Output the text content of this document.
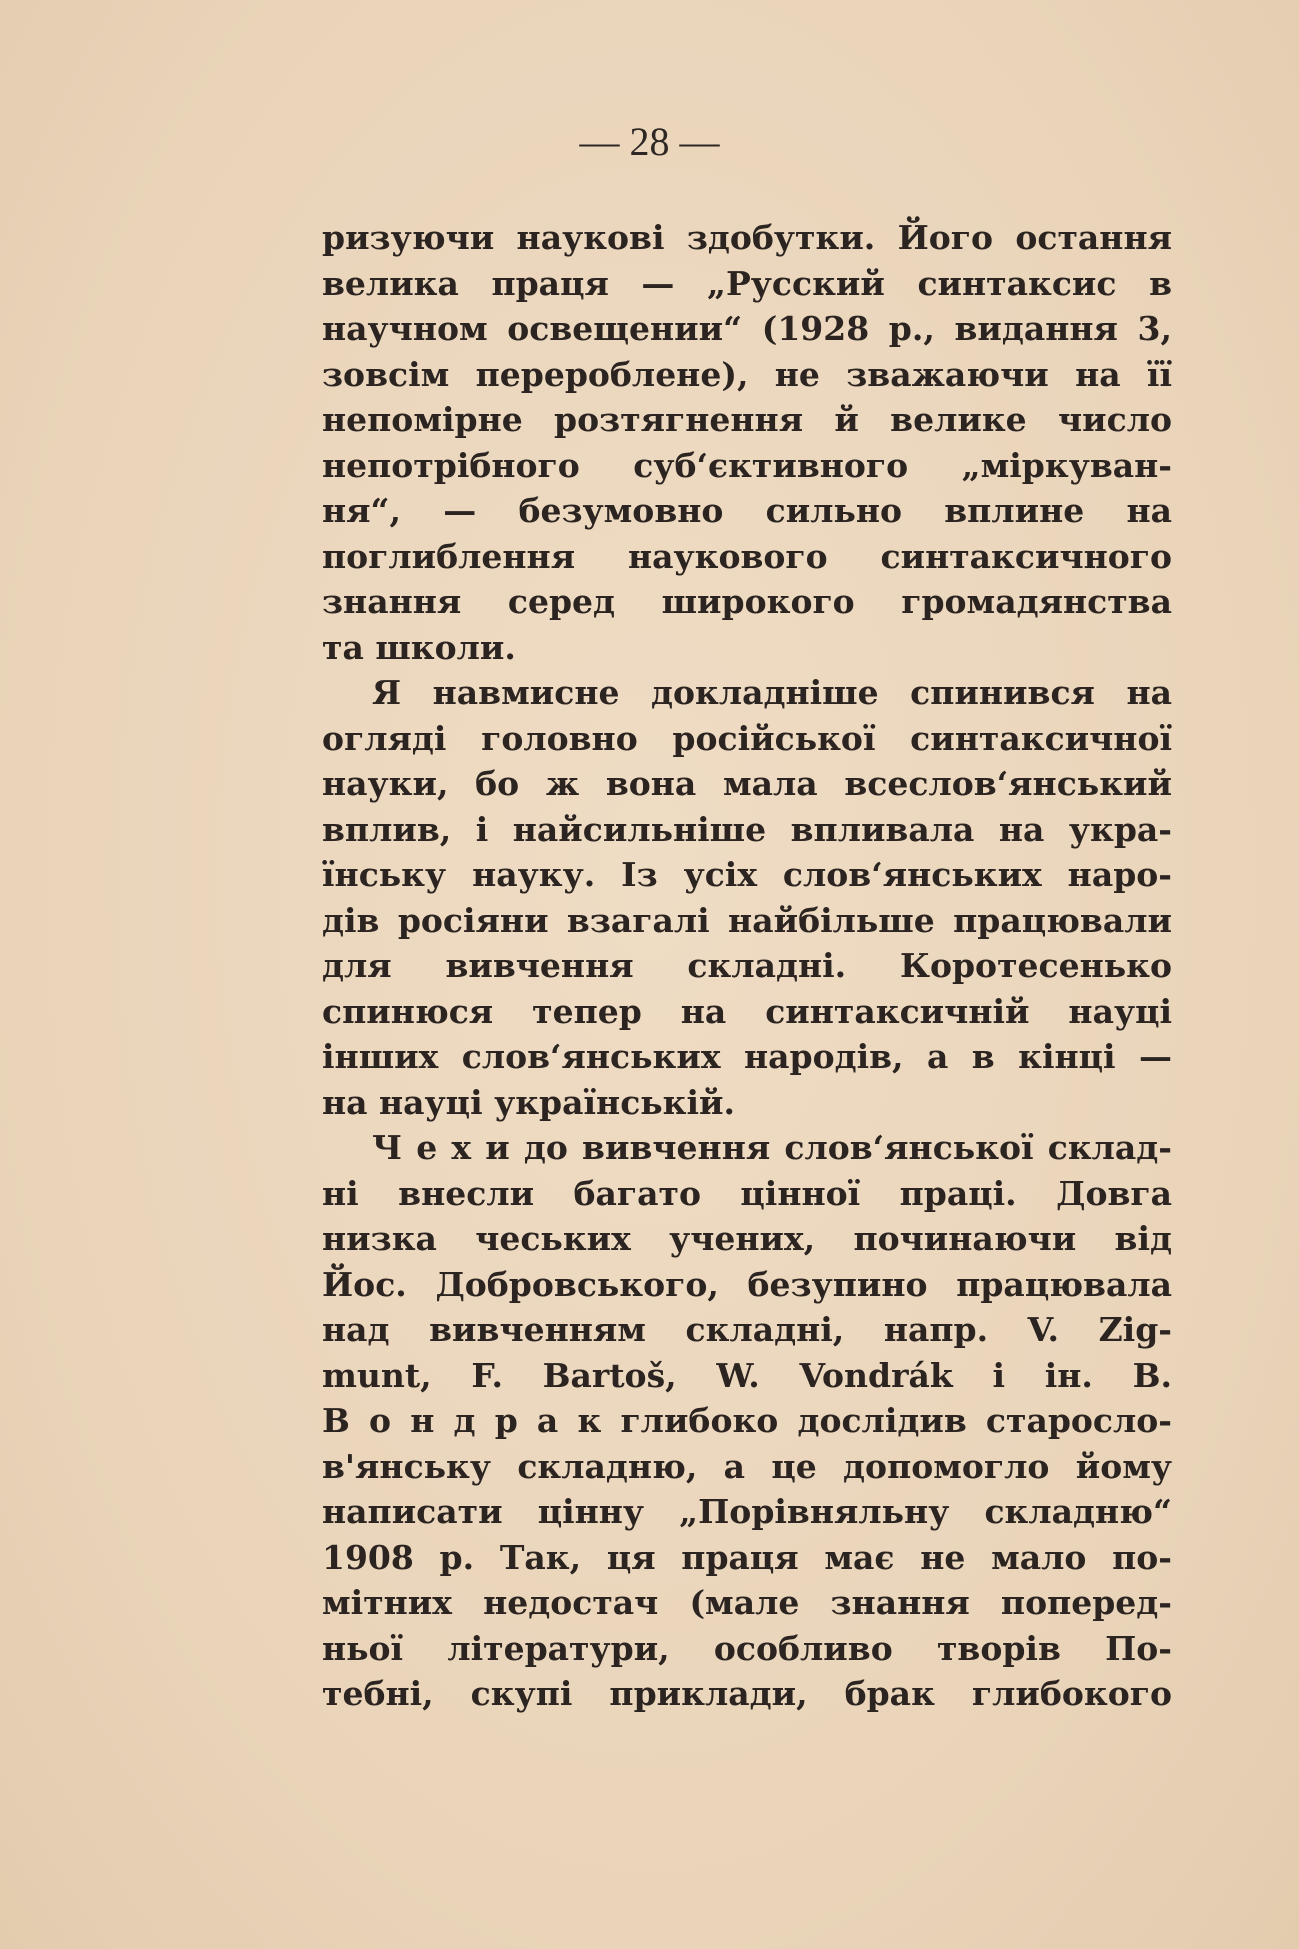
— 28 —
ризуючи наукові здобутки. Його остання
велика праця — „Русский синтаксис в
научном освещении“ (1928 р., видання 3,
зовсім перероблене), не зважаючи на її
непомірне розтягнення й велике число
непотрібного суб‘єктивного „міркуван-
ня“, — безумовно сильно вплине на
поглиблення наукового синтаксичного
знання серед широкого громадянства
та школи.
Я навмисне докладніше спинився на
огляді головно російської синтаксичної
науки, бо ж вона мала всеслов‘янський
вплив, і найсильніше впливала на укра-
їнську науку. Із усіх слов‘янських наро-
дів росіяни взагалі найбільше працювали
для вивчення складні. Коротесенько
спинюся тепер на синтаксичній науці
інших слов‘янських народів, а в кінці —
на науці українській.
Ч е х и до вивчення слов‘янської склад-
ні внесли багато цінної праці. Довга
низка чеських учених, починаючи від
Йос. Добровського, безупино працювала
над вивченням складні, напр. V. Zig-
munt, F. Bartoš, W. Vondrák і ін. В.
В о н д р а к глибоко дослідив старосло-
в'янську складню, а це допомогло йому
написати цінну „Порівняльну складню“
1908 р. Так, ця праця має не мало по-
мітних недостач (мале знання поперед-
ньої літератури, особливо творів По-
тебні, скупі приклади, брак глибокого
